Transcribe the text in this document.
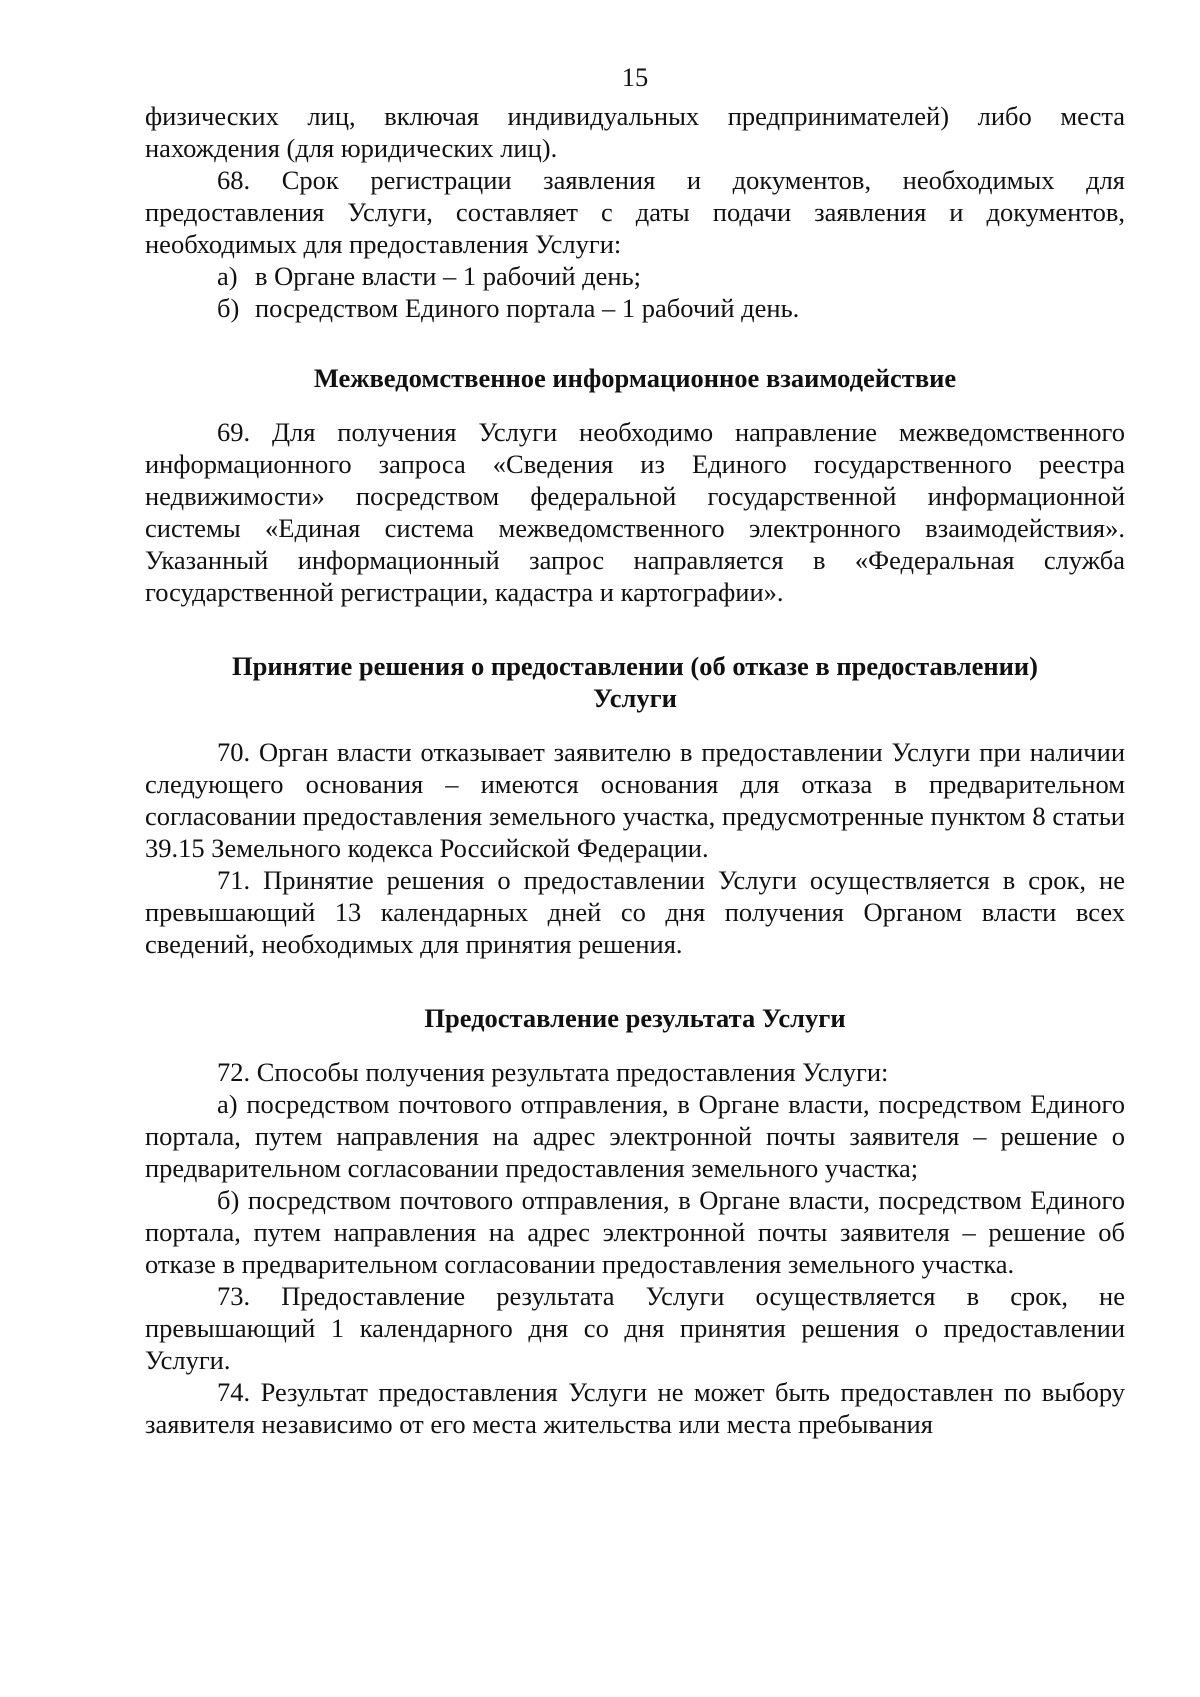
15

физических лиц, включая индивидуальных предпринимателей) либо места нахождения (для юридических лиц).

68. Срок регистрации заявления и документов, необходимых для предоставления Услуги, составляет с даты подачи заявления и документов, необходимых для предоставления Услуги:

а) в Органе власти – 1 рабочий день;

б) посредством Единого портала – 1 рабочий день.

Межведомственное информационное взаимодействие

69. Для получения Услуги необходимо направление межведомственного информационного запроса «Сведения из Единого государственного реестра недвижимости» посредством федеральной государственной информационной системы «Единая система межведомственного электронного взаимодействия». Указанный информационный запрос направляется в «Федеральная служба государственной регистрации, кадастра и картографии».

Принятие решения о предоставлении (об отказе в предоставлении)
Услуги

70. Орган власти отказывает заявителю в предоставлении Услуги при наличии следующего основания – имеются основания для отказа в предварительном согласовании предоставления земельного участка, предусмотренные пунктом 8 статьи 39.15 Земельного кодекса Российской Федерации.

71. Принятие решения о предоставлении Услуги осуществляется в срок, не превышающий 13 календарных дней со дня получения Органом власти всех сведений, необходимых для принятия решения.

Предоставление результата Услуги

72. Способы получения результата предоставления Услуги:

а) посредством почтового отправления, в Органе власти, посредством Единого портала, путем направления на адрес электронной почты заявителя – решение о предварительном согласовании предоставления земельного участка;

б) посредством почтового отправления, в Органе власти, посредством Единого портала, путем направления на адрес электронной почты заявителя – решение об отказе в предварительном согласовании предоставления земельного участка.

73. Предоставление результата Услуги осуществляется в срок, не превышающий 1 календарного дня со дня принятия решения о предоставлении Услуги.

74. Результат предоставления Услуги не может быть предоставлен по выбору заявителя независимо от его места жительства или места пребывания
